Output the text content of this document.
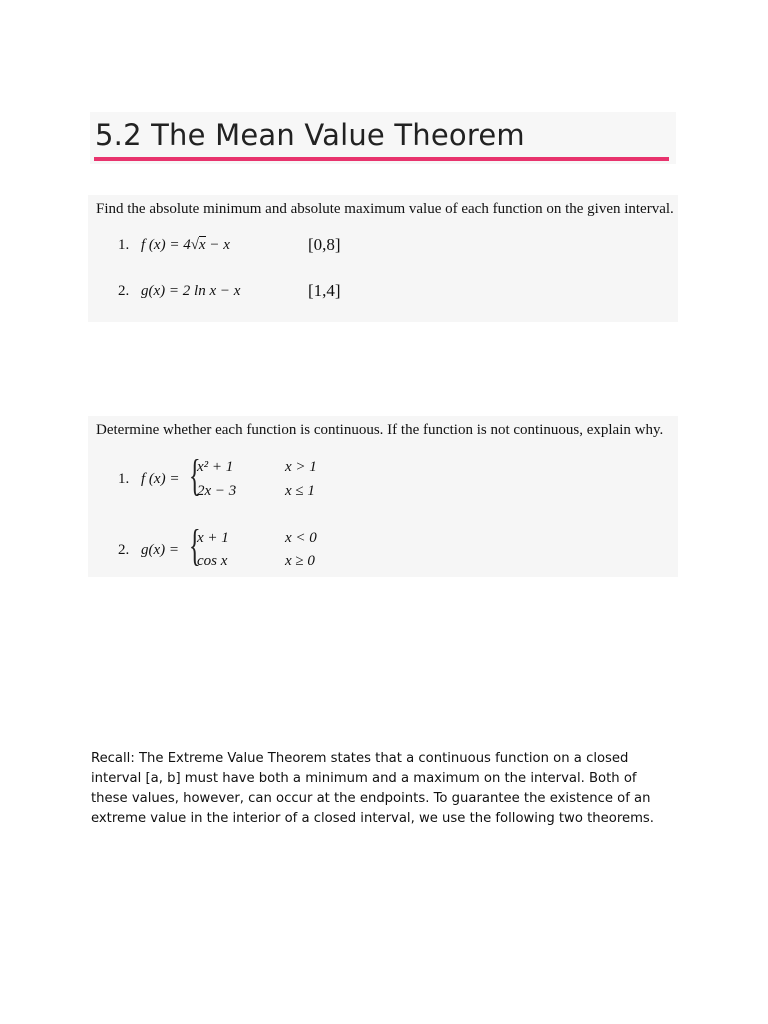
5.2 The Mean Value Theorem
Find the absolute minimum and absolute maximum value of each function on the given interval.
1. f (x) = 4√x − x	[0,8]
2. g(x) = 2 ln x − x	[1,4]
Determine whether each function is continuous. If the function is not continuous, explain why.
1. f (x) = {
x² + 1	x > 1
2x − 3	x ≤ 1
2. g(x) = {
x + 1	x < 0
cos x	x ≥ 0
Recall: The Extreme Value Theorem states that a continuous function on a closed interval [a, b] must have both a minimum and a maximum on the interval. Both of these values, however, can occur at the endpoints. To guarantee the existence of an extreme value in the interior of a closed interval, we use the following two theorems.
